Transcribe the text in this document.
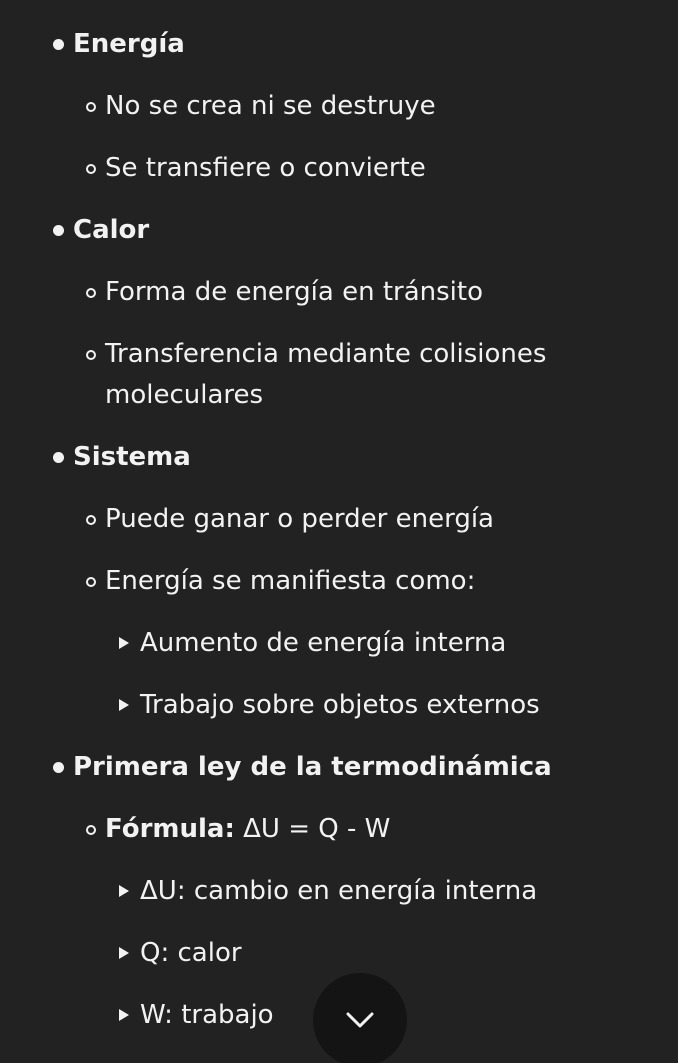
Energía
No se crea ni se destruye
Se transfiere o convierte
Calor
Forma de energía en tránsito
Transferencia mediante colisiones
moleculares
Sistema
Puede ganar o perder energía
Energía se manifiesta como:
Aumento de energía interna
Trabajo sobre objetos externos
Primera ley de la termodinámica
Fórmula: ΔU = Q - W
ΔU: cambio en energía interna
Q: calor
W: trabajo
